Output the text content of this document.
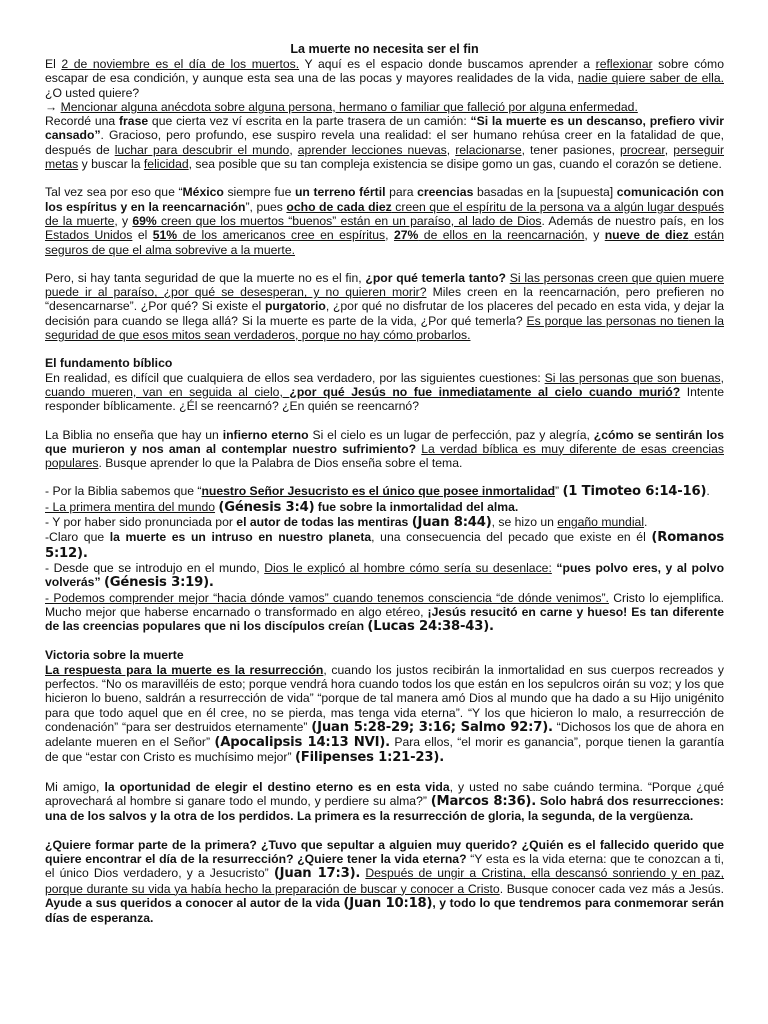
La muerte no necesita ser el fin

El 2 de noviembre es el día de los muertos. Y aquí es el espacio donde buscamos aprender a reflexionar sobre cómo escapar de esa condición, y aunque esta sea una de las pocas y mayores realidades de la vida, nadie quiere saber de ella. ¿O usted quiere?

→ Mencionar alguna anécdota sobre alguna persona, hermano o familiar que falleció por alguna enfermedad.

Recordé una frase que cierta vez ví escrita en la parte trasera de un camión: “Si la muerte es un descanso, prefiero vivir cansado”. Gracioso, pero profundo, ese suspiro revela una realidad: el ser humano rehúsa creer en la fatalidad de que, después de luchar para descubrir el mundo, aprender lecciones nuevas, relacionarse, tener pasiones, procrear, perseguir metas y buscar la felicidad, sea posible que su tan compleja existencia se disipe gomo un gas, cuando el corazón se detiene.

Tal vez sea por eso que “México siempre fue un terreno fértil para creencias basadas en la [supuesta] comunicación con los espíritus y en la reencarnación”, pues ocho de cada diez creen que el espíritu de la persona va a algún lugar después de la muerte, y 69% creen que los muertos “buenos” están en un paraíso, al lado de Dios. Además de nuestro país, en los Estados Unidos el 51% de los americanos cree en espíritus, 27% de ellos en la reencarnación, y nueve de diez están seguros de que el alma sobrevive a la muerte.

Pero, si hay tanta seguridad de que la muerte no es el fin, ¿por qué temerla tanto? Si las personas creen que quien muere puede ir al paraíso, ¿por qué se desesperan, y no quieren morir? Miles creen en la reencarnación, pero prefieren no “desencarnarse”. ¿Por qué? Si existe el purgatorio, ¿por qué no disfrutar de los placeres del pecado en esta vida, y dejar la decisión para cuando se llega allá? Si la muerte es parte de la vida, ¿Por qué temerla? Es porque las personas no tienen la seguridad de que esos mitos sean verdaderos, porque no hay cómo probarlos.

El fundamento bíblico

En realidad, es difícil que cualquiera de ellos sea verdadero, por las siguientes cuestiones: Si las personas que son buenas, cuando mueren, van en seguida al cielo, ¿por qué Jesús no fue inmediatamente al cielo cuando murió? Intente responder bíblicamente. ¿Él se reencarnó? ¿En quién se reencarnó?

La Biblia no enseña que hay un infierno eterno Si el cielo es un lugar de perfección, paz y alegría, ¿cómo se sentirán los que murieron y nos aman al contemplar nuestro sufrimiento? La verdad bíblica es muy diferente de esas creencias populares. Busque aprender lo que la Palabra de Dios enseña sobre el tema.

- Por la Biblia sabemos que “nuestro Señor Jesucristo es el único que posee inmortalidad” (1 Timoteo 6:14-16).

- La primera mentira del mundo (Génesis 3:4) fue sobre la inmortalidad del alma.

- Y por haber sido pronunciada por el autor de todas las mentiras (Juan 8:44), se hizo un engaño mundial.

-Claro que la muerte es un intruso en nuestro planeta, una consecuencia del pecado que existe en él (Romanos 5:12).

- Desde que se introdujo en el mundo, Dios le explicó al hombre cómo sería su desenlace: “pues polvo eres, y al polvo volverás” (Génesis 3:19).

- Podemos comprender mejor “hacia dónde vamos” cuando tenemos consciencia “de dónde venimos”. Cristo lo ejemplifica. Mucho mejor que haberse encarnado o transformado en algo etéreo, ¡Jesús resucitó en carne y hueso! Es tan diferente de las creencias populares que ni los discípulos creían (Lucas 24:38-43).

Victoria sobre la muerte

La respuesta para la muerte es la resurrección, cuando los justos recibirán la inmortalidad en sus cuerpos recreados y perfectos. “No os maravilléis de esto; porque vendrá hora cuando todos los que están en los sepulcros oirán su voz; y los que hicieron lo bueno, saldrán a resurrección de vida” “porque de tal manera amó Dios al mundo que ha dado a su Hijo unigénito para que todo aquel que en él cree, no se pierda, mas tenga vida eterna”. “Y los que hicieron lo malo, a resurrección de condenación” “para ser destruidos eternamente” (Juan 5:28-29; 3:16; Salmo 92:7). “Dichosos los que de ahora en adelante mueren en el Señor” (Apocalipsis 14:13 NVI). Para ellos, “el morir es ganancia”, porque tienen la garantía de que “estar con Cristo es muchísimo mejor” (Filipenses 1:21-23).

Mi amigo, la oportunidad de elegir el destino eterno es en esta vida, y usted no sabe cuándo termina. “Porque ¿qué aprovechará al hombre si ganare todo el mundo, y perdiere su alma?” (Marcos 8:36). Solo habrá dos resurrecciones: una de los salvos y la otra de los perdidos. La primera es la resurrección de gloria, la segunda, de la vergüenza.

¿Quiere formar parte de la primera? ¿Tuvo que sepultar a alguien muy querido? ¿Quién es el fallecido querido que quiere encontrar el día de la resurrección? ¿Quiere tener la vida eterna? “Y esta es la vida eterna: que te conozcan a ti, el único Dios verdadero, y a Jesucristo” (Juan 17:3). Después de ungir a Cristina, ella descansó sonriendo y en paz, porque durante su vida ya había hecho la preparación de buscar y conocer a Cristo. Busque conocer cada vez más a Jesús. Ayude a sus queridos a conocer al autor de la vida (Juan 10:18), y todo lo que tendremos para conmemorar serán días de esperanza.
